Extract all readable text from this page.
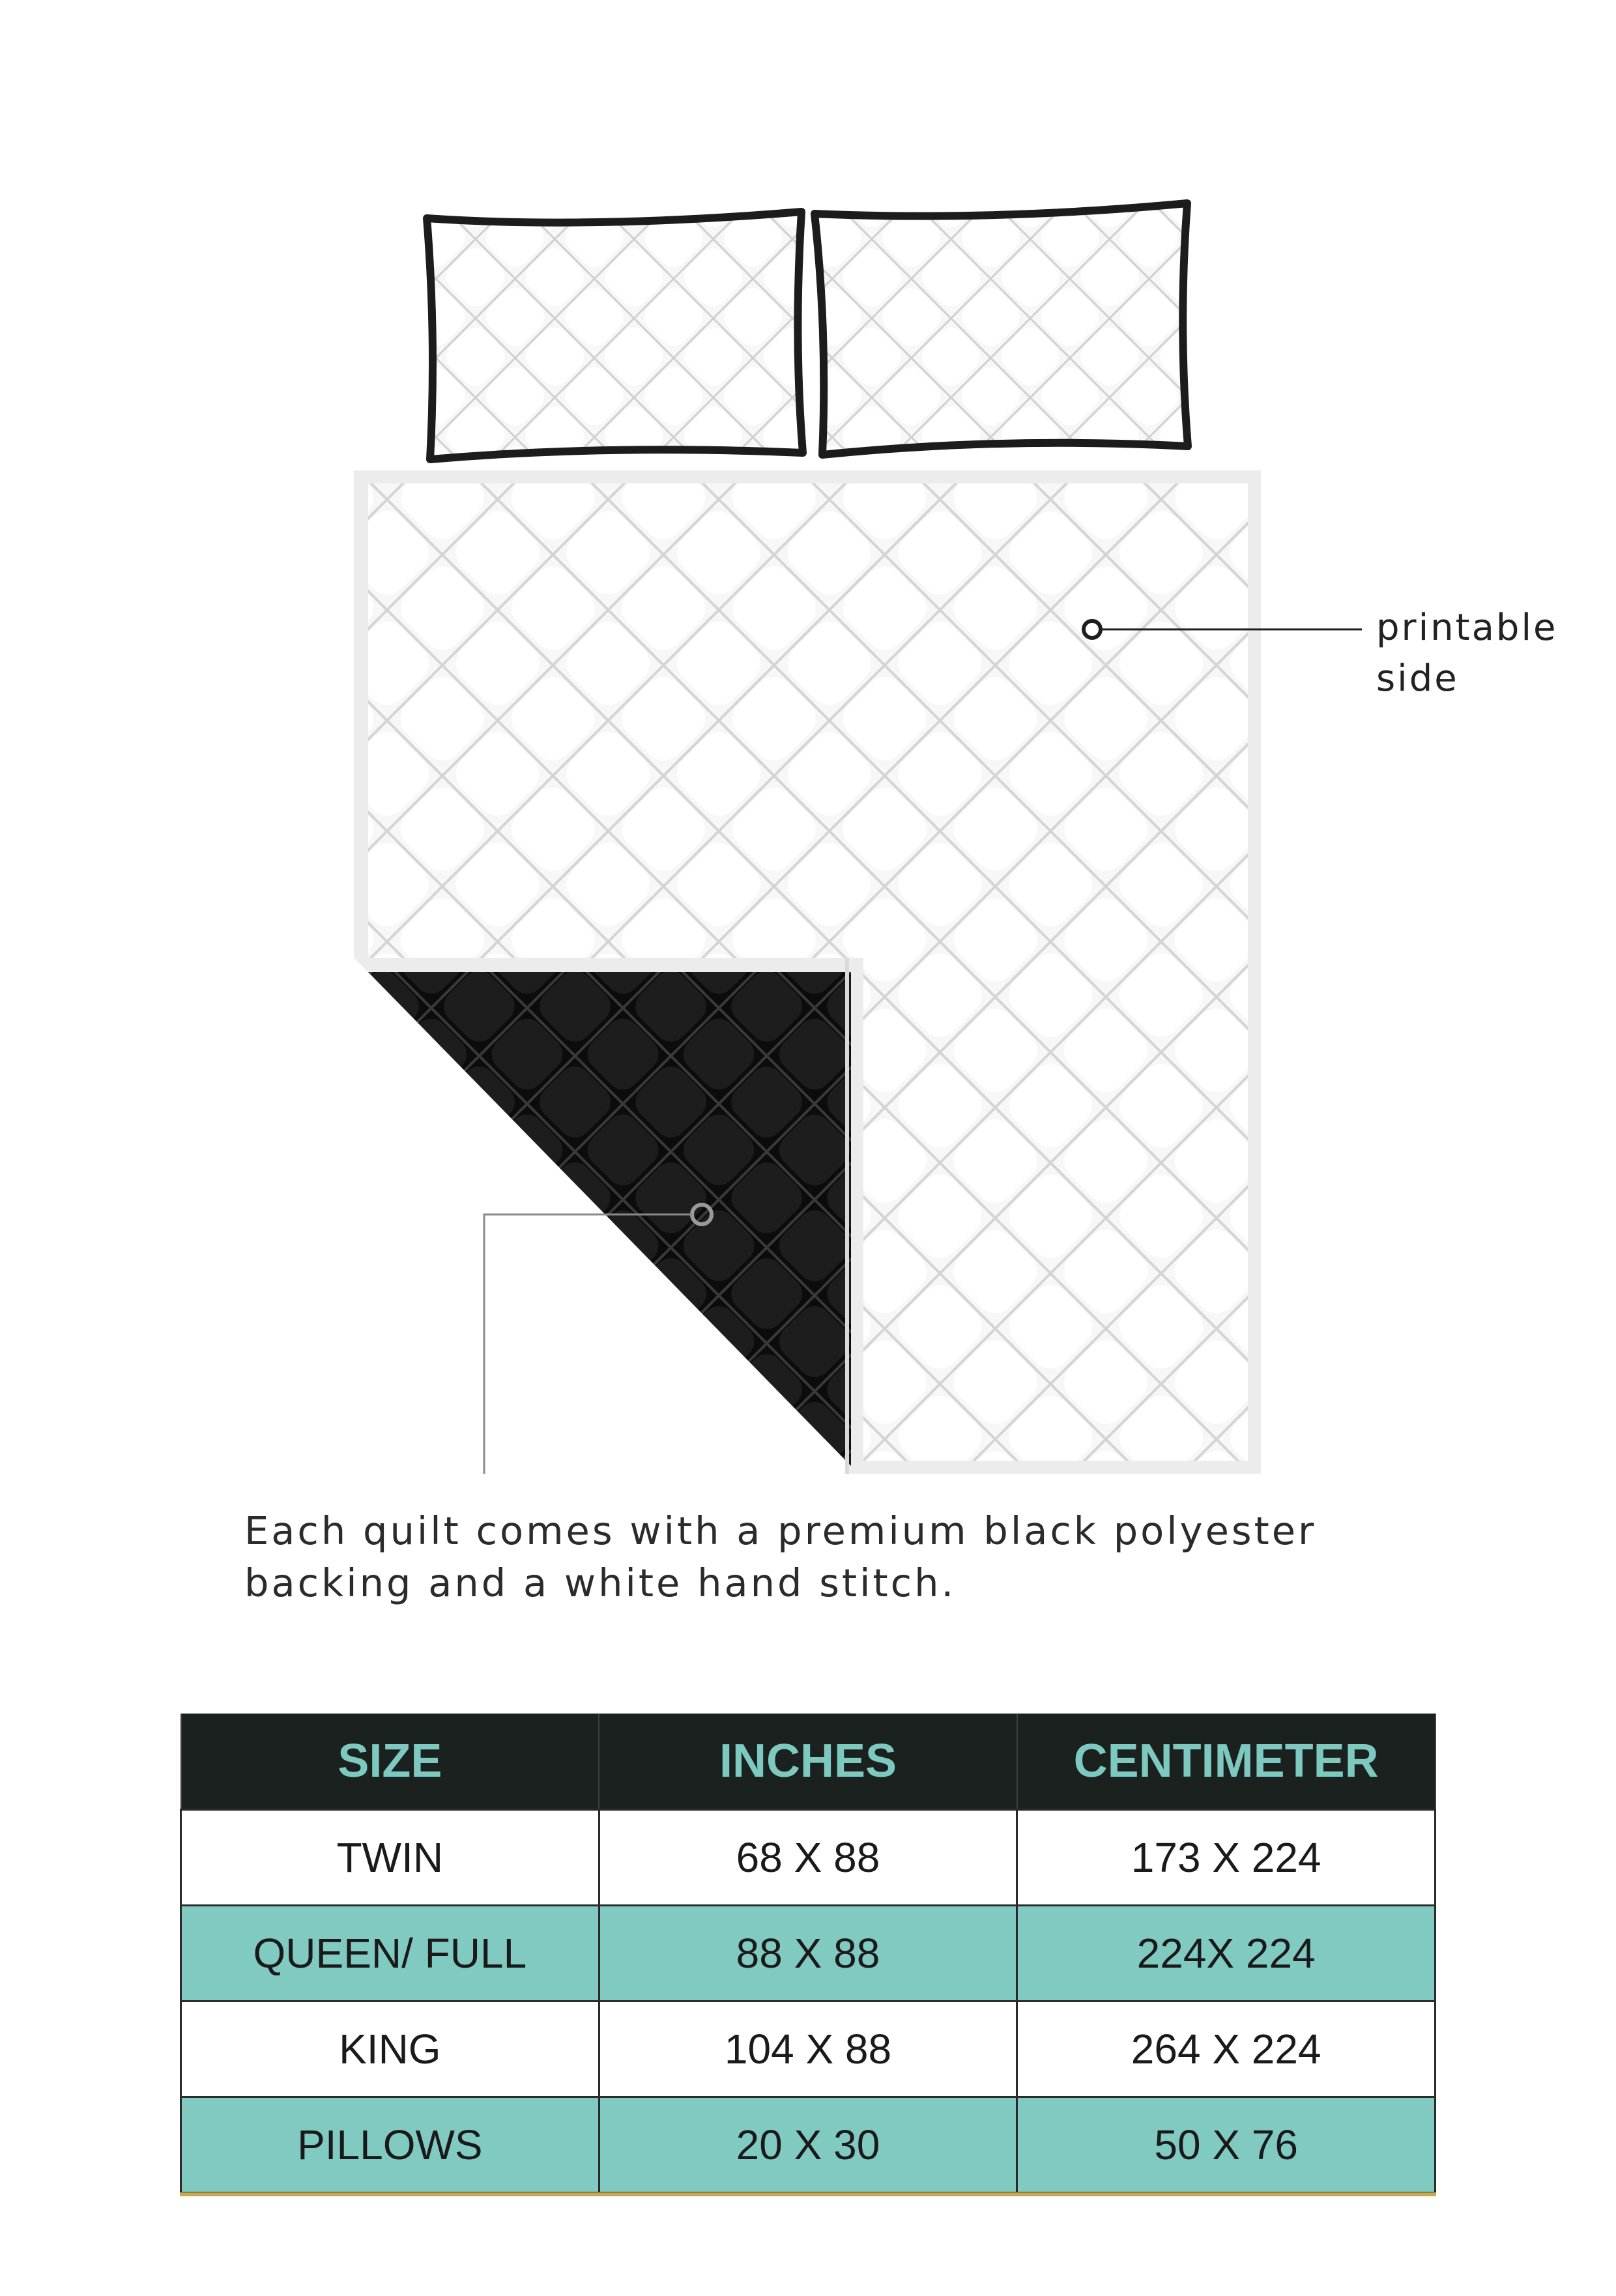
printable
side
Each quilt comes with a premium black polyester
backing and a white hand stitch.
SIZE	INCHES	CENTIMETER
TWIN	68 X 88	173 X 224
QUEEN/ FULL	88 X 88	224X 224
KING	104 X 88	264 X 224
PILLOWS	20 X 30	50 X 76
